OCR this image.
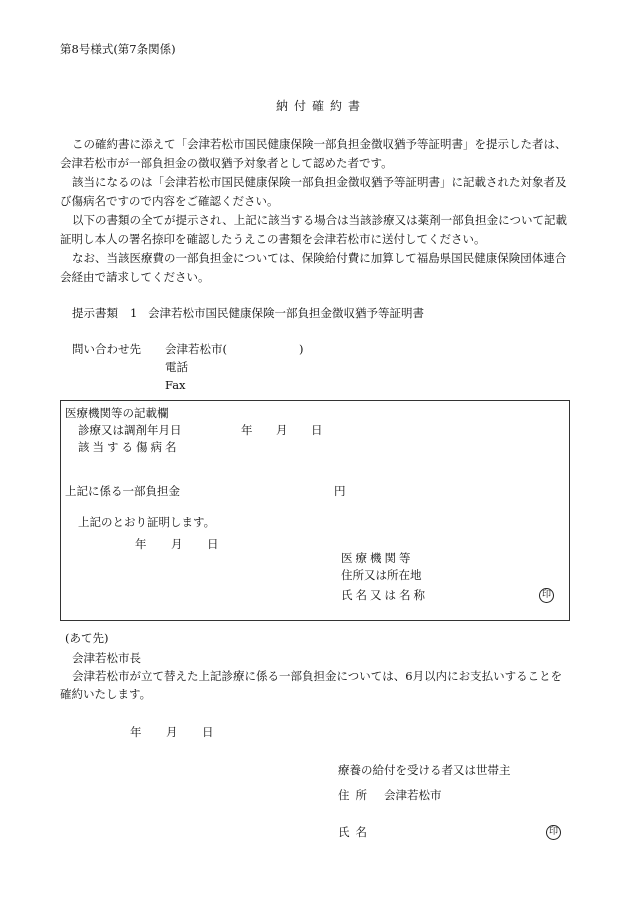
第8号様式(第7条関係)
納付確約書
この確約書に添えて「会津若松市国民健康保険一部負担金徴収猶予等証明書」を提示した者は、
会津若松市が一部負担金の徴収猶予対象者として認めた者です。
該当になるのは「会津若松市国民健康保険一部負担金徴収猶予等証明書」に記載された対象者及
び傷病名ですので内容をご確認ください。
以下の書類の全てが提示され、上記に該当する場合は当該診療又は薬剤一部負担金について記載
証明し本人の署名捺印を確認したうえこの書類を会津若松市に送付してください。
なお、当該医療費の一部負担金については、保険給付費に加算して福島県国民健康保険団体連合
会経由で請求してください。
提示書類 1 会津若松市国民健康保険一部負担金徴収猶予等証明書
問い合わせ先 会津若松市(	)
電話
Fax
医療機関等の記載欄
診療又は調剤年月日	年 月 日
該当する傷病名
上記に係る一部負担金	円
上記のとおり証明します。
年 月 日
医療機関等
住所又は所在地
氏名又は名称	印
(あて先)
会津若松市長
会津若松市が立て替えた上記診療に係る一部負担金については、6月以内にお支払いすることを
確約いたします。
年 月 日
療養の給付を受ける者又は世帯主
住所 会津若松市
氏名	印
